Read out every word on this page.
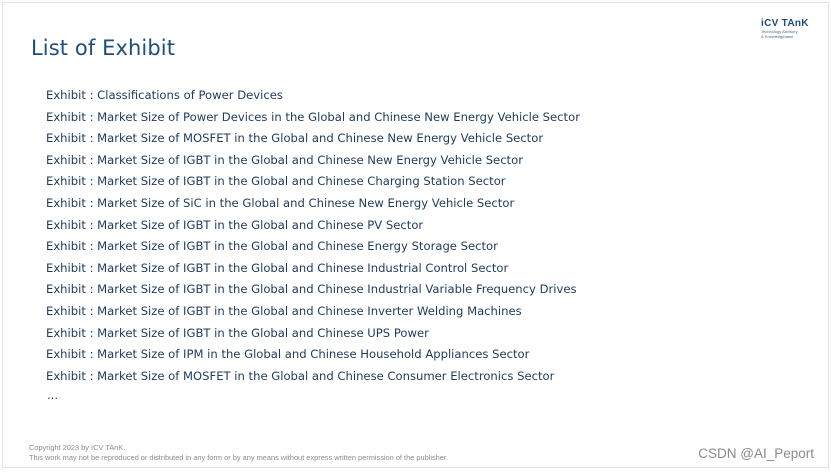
List of Exhibit
iCV TAnK
Technology Advisory
& Knowledgebase
Exhibit : Classifications of Power Devices
Exhibit : Market Size of Power Devices in the Global and Chinese New Energy Vehicle Sector
Exhibit : Market Size of MOSFET in the Global and Chinese New Energy Vehicle Sector
Exhibit : Market Size of IGBT in the Global and Chinese New Energy Vehicle Sector
Exhibit : Market Size of IGBT in the Global and Chinese Charging Station Sector
Exhibit : Market Size of SiC in the Global and Chinese New Energy Vehicle Sector
Exhibit : Market Size of IGBT in the Global and Chinese PV Sector
Exhibit : Market Size of IGBT in the Global and Chinese Energy Storage Sector
Exhibit : Market Size of IGBT in the Global and Chinese Industrial Control Sector
Exhibit : Market Size of IGBT in the Global and Chinese Industrial Variable Frequency Drives
Exhibit : Market Size of IGBT in the Global and Chinese Inverter Welding Machines
Exhibit : Market Size of IGBT in the Global and Chinese UPS Power
Exhibit : Market Size of IPM in the Global and Chinese Household Appliances Sector
Exhibit : Market Size of MOSFET in the Global and Chinese Consumer Electronics Sector
...
Copyright 2023 by ICV TAnK.
This work may not be reproduced or distributed in any form or by any means without express written permission of the publisher.	CSDN @AI_Peport
